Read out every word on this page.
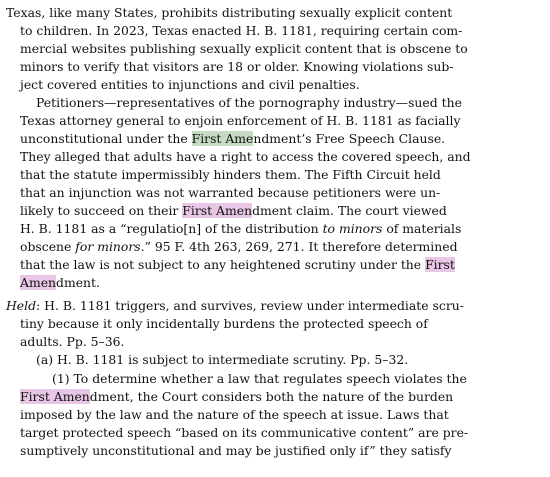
Texas, like many States, prohibits distributing sexually explicit content
to children. In 2023, Texas enacted H. B. 1181, requiring certain com-
mercial websites publishing sexually explicit content that is obscene to
minors to verify that visitors are 18 or older. Knowing violations sub-
ject covered entities to injunctions and civil penalties.
Petitioners—representatives of the pornography industry—sued the
Texas attorney general to enjoin enforcement of H. B. 1181 as facially
unconstitutional under the First Amendment’s Free Speech Clause.
They alleged that adults have a right to access the covered speech, and
that the statute impermissibly hinders them. The Fifth Circuit held
that an injunction was not warranted because petitioners were un-
likely to succeed on their First Amendment claim. The court viewed
H. B. 1181 as a “regulatio[n] of the distribution to minors of materials
obscene for minors.” 95 F. 4th 263, 269, 271. It therefore determined
that the law is not subject to any heightened scrutiny under the First
Amendment.
Held: H. B. 1181 triggers, and survives, review under intermediate scru-
tiny because it only incidentally burdens the protected speech of
adults. Pp. 5–36.
(a) H. B. 1181 is subject to intermediate scrutiny. Pp. 5–32.
(1) To determine whether a law that regulates speech violates the
First Amendment, the Court considers both the nature of the burden
imposed by the law and the nature of the speech at issue. Laws that
target protected speech “based on its communicative content” are pre-
sumptively unconstitutional and may be justified only if” they satisfy
